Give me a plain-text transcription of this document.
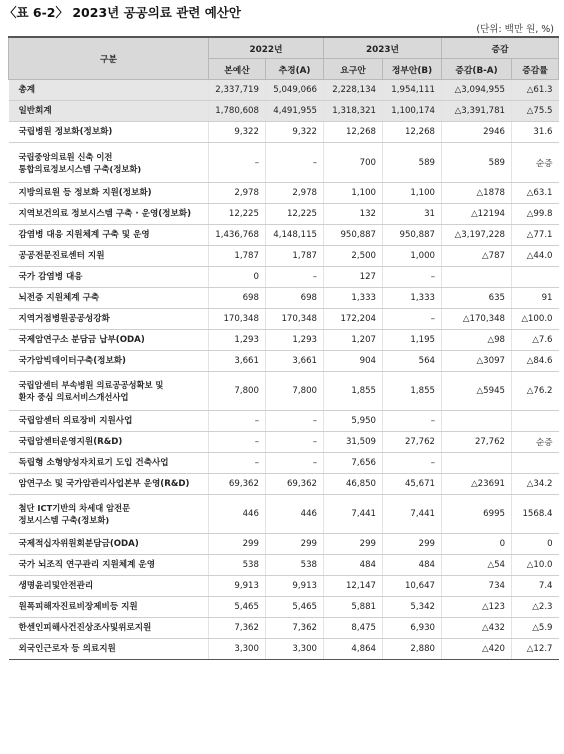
〈표 6-2〉 2023년 공공의료 관련 예산안
(단위: 백만 원, %)
구분	2022년		2023년		증감	
	본예산	추경(A)	요구안	정부안(B)	증감(B-A)	증감률

총계	2,337,719	5,049,066	2,228,134	1,954,111	△3,094,955	△61.3

일반회계	1,780,608	4,491,955	1,318,321	1,100,174	△3,391,781	△75.5

국립병원 정보화(정보화)	9,322	9,322	12,268	12,268	2946	31.6

국립중앙의료원 신축 이전
통합의료정보시스템 구축(정보화)	–	–	700	589	589	순증

지방의료원 등 정보화 지원(정보화)	2,978	2,978	1,100	1,100	△1878	△63.1

지역보건의료 정보시스템 구축 · 운영(정보화)	12,225	12,225	132	31	△12194	△99.8

감염병 대응 지원체계 구축 및 운영	1,436,768	4,148,115	950,887	950,887	△3,197,228	△77.1

공공전문진료센터 지원	1,787	1,787	2,500	1,000	△787	△44.0

국가 감염병 대응	0	–	127	–		

뇌전증 지원체계 구축	698	698	1,333	1,333	635	91

지역거점병원공공성강화	170,348	170,348	172,204	–	△170,348	△100.0

국제암연구소 분담금 납부(ODA)	1,293	1,293	1,207	1,195	△98	△7.6

국가암빅데이터구축(정보화)	3,661	3,661	904	564	△3097	△84.6

국립암센터 부속병원 의료공공성확보 및
환자 중심 의료서비스개선사업	7,800	7,800	1,855	1,855	△5945	△76.2

국립암센터 의료장비 지원사업	–	–	5,950	–		

국립암센터운영지원(R&D)	–	–	31,509	27,762	27,762	순증

독립형 소형양성자치료기 도입 건축사업	–	–	7,656	–		

암연구소 및 국가암관리사업본부 운영(R&D)	69,362	69,362	46,850	45,671	△23691	△34.2

첨단 ICT기반의 차세대 암전문
정보시스템 구축(정보화)	446	446	7,441	7,441	6995	1568.4

국제적십자위원회분담금(ODA)	299	299	299	299	0	0

국가 뇌조직 연구관리 지원체계 운영	538	538	484	484	△54	△10.0

생명윤리및안전관리	9,913	9,913	12,147	10,647	734	7.4

원폭피해자진료비장제비등 지원	5,465	5,465	5,881	5,342	△123	△2.3

한센인피해사건진상조사및위로지원	7,362	7,362	8,475	6,930	△432	△5.9

외국인근로자 등 의료지원	3,300	3,300	4,864	2,880	△420	△12.7
